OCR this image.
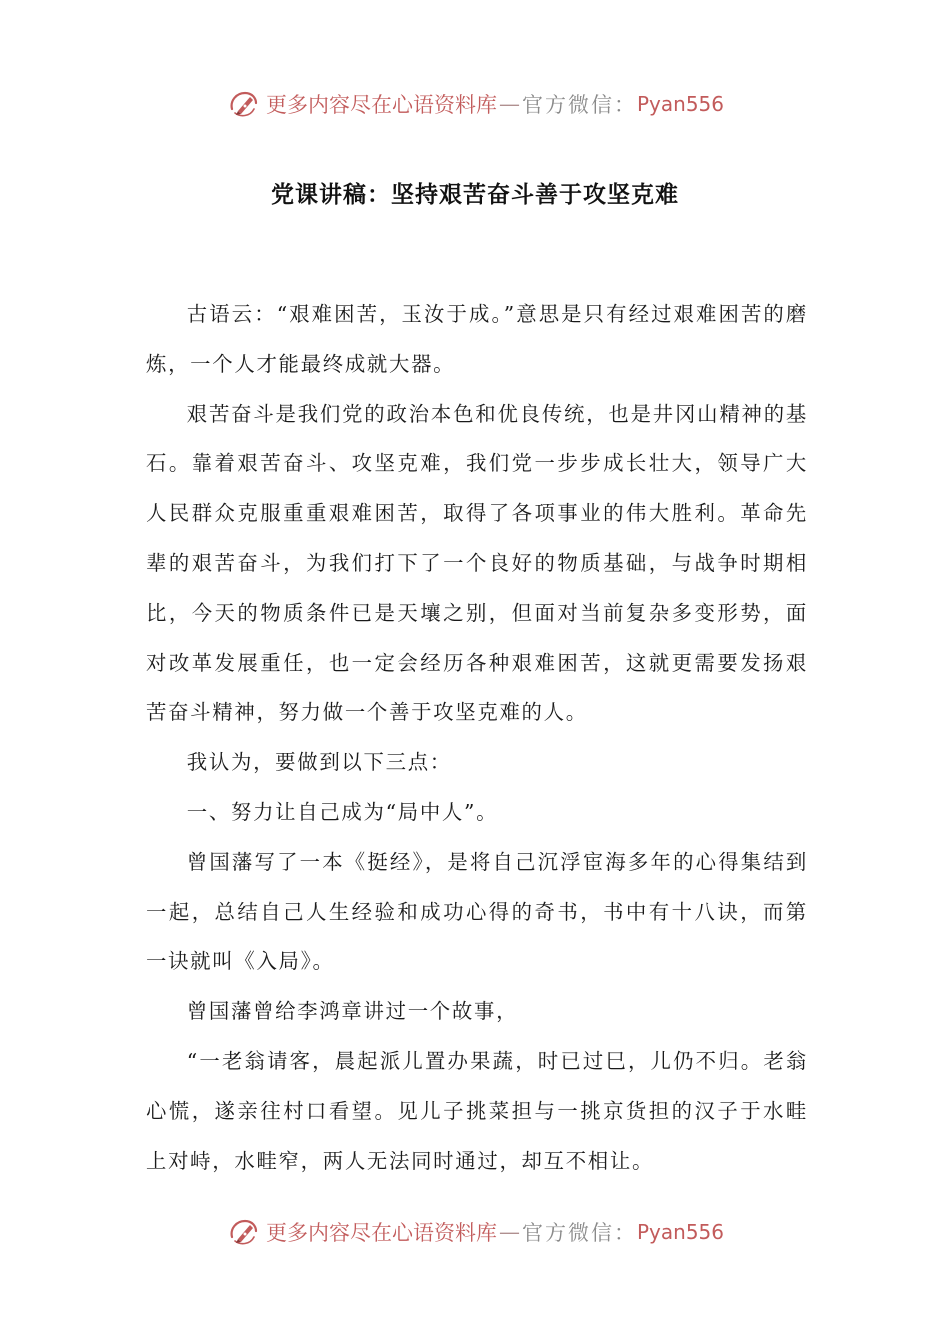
更多内容尽在心语资料库 — 官方微信： Pyan556
党课讲稿：坚持艰苦奋斗善于攻坚克难

古语云：“艰难困苦，玉汝于成。”意思是只有经过艰难困苦的磨炼，一个人才能最终成就大器。

艰苦奋斗是我们党的政治本色和优良传统，也是井冈山精神的基石。靠着艰苦奋斗、攻坚克难，我们党一步步成长壮大，领导广大人民群众克服重重艰难困苦，取得了各项事业的伟大胜利。革命先辈的艰苦奋斗，为我们打下了一个良好的物质基础，与战争时期相比，今天的物质条件已是天壤之别，但面对当前复杂多变形势，面对改革发展重任，也一定会经历各种艰难困苦，这就更需要发扬艰苦奋斗精神，努力做一个善于攻坚克难的人。

我认为，要做到以下三点：

一、努力让自己成为“局中人”。

曾国藩写了一本《挺经》，是将自己沉浮宦海多年的心得集结到一起，总结自己人生经验和成功心得的奇书，书中有十八诀，而第一诀就叫《入局》。

曾国藩曾给李鸿章讲过一个故事，

“一老翁请客，晨起派儿置办果蔬，时已过巳，儿仍不归。老翁心慌，遂亲往村口看望。见儿子挑菜担与一挑京货担的汉子于水畦上对峙，水畦窄，两人无法同时通过，却互不相让。

更多内容尽在心语资料库 — 官方微信： Pyan556
